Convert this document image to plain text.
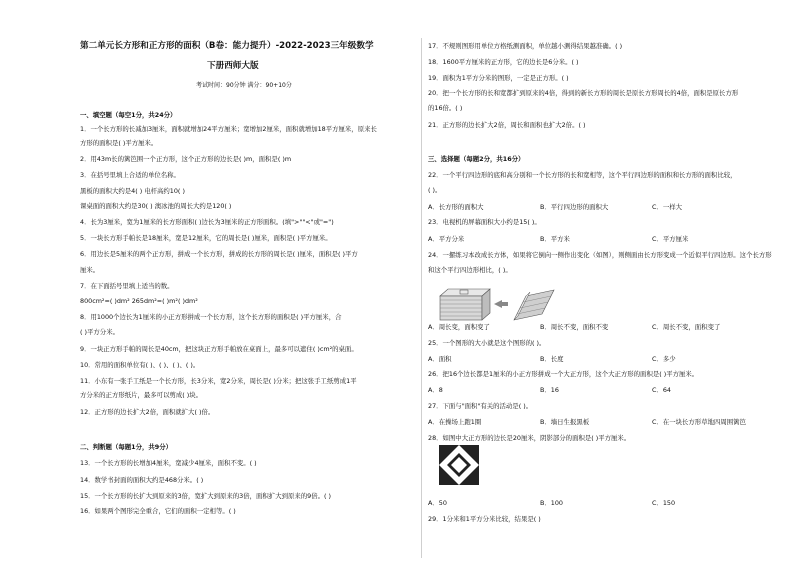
第二单元长方形和正方形的面积（B卷：能力提升）-2022-2023三年级数学
下册西师大版
考试时间：90分钟 满分：90+10分
一、填空题（每空1分，共24分）
1．一个长方形的长减加3厘米，面积就增加24平方厘米；宽增加2厘米，面积就增加18平方厘米，原来长
方形的面积是( )平方厘米。
2．用43m长的篱笆围一个正方形，这个正方形的边长是( )m，面积是( )m
3．在括号里填上合适的单位名称。
黑板的面积大约是4( ) 电杆高约10( )
课桌面的面积大约是30( ) 澳冰池的周长大约是120( )
4．长为3厘米，宽为1厘米的长方形面积( )边长为3厘米的正方形面积。(填">""<"或"=")
5．一块长方形手帕长是18厘米，宽是12厘米，它的周长是( )厘米，面积是( )平方厘米。
6．用边长是5厘米的两个正方形，拼成一个长方形，拼成的长方形的周长是( )厘米，面积是( )平方
厘米。
7．在下面括号里填上适当的数。
800cm²=( )dm² 265dm²=( )m²( )dm²
8．用1000个边长为1厘米的小正方形拼成一个长方形，这个长方形的面积是( )平方厘米，合
( )平方分米。
9．一块正方形手帕的周长是40cm，把这块正方形手帕放在桌面上，最多可以遮住( )cm²的桌面。
10．常用的面积单位有( )、( )、( )、( )。
11．小东有一张手工纸是一个长方形，长3分米，宽2分米，周长是( )分米；把这张手工纸剪成1平
方分米的正方形纸片，最多可以剪成( )块。
12．正方形的边长扩大2倍，面积就扩大( )倍。
二、判断题（每题1分，共9分）
13．一个长方形的长增加4厘米，宽减少4厘米，面积不变。( )
14．数学书封面的面积大约是468分米。( )
15．一个长方形的长扩大到原来的3倍，宽扩大到原来的3倍，面积扩大到原来的9倍。( )
16．如果两个图形完全重合，它们的面积一定相等。( )
17．不规则图形用单位方格纸测面积，单位越小测得结果越准确。( )
18．1600平方厘米的正方形，它的边长是6分米。( )
19．面积为1平方分米的图形，一定是正方形。( )
20．把一个长方形的长和宽都扩到原来的4倍，得到的新长方形的周长是原长方形周长的4倍，面积是原长方形
的16倍。( )
21．正方形的边长扩大2倍，周长和面积也扩大2倍。( )
三、选择题（每题2分，共16分）
22．一个平行四边形的底和高分别和一个长方形的长和宽相等，这个平行四边形的面积和长方形的面积比较，
( )。
A．长方形的面积大	B．平行四边形的面积大	C．一样大
23．电视机的屏幕面积大小约是15( )。
A．平方分米	B．平方米	C．平方厘米
24．一摞练习本改成长方体，如果将它倒向一侧作出变化（如图），则侧面由长方形变成一个近似平行四边形。这个长方形
和这个平行四边形相比，( )。
A．周长变，面积变了	B．周长不变，面积不变	C．周长不变，面积变了
25．一个图形的大小就是这个图形的( )。
A．面积	B．长度	C．多少
26．把16个边长都是1厘米的小正方形拼成一个大正方形，这个大正方形的面积是( )平方厘米。
A．8	B．16	C．64
27．下面与"面积"有关的活动是( )。
A．在操场上跑1圈	B．墙日生报黑板	C．在一块长方形草地四周围篱笆
28．如图中大正方形的边长是20厘米，阴影部分的面积是( )平方厘米。
A．50	B．100	C．150
29．1分米和1平方分米比较，结果是( )
